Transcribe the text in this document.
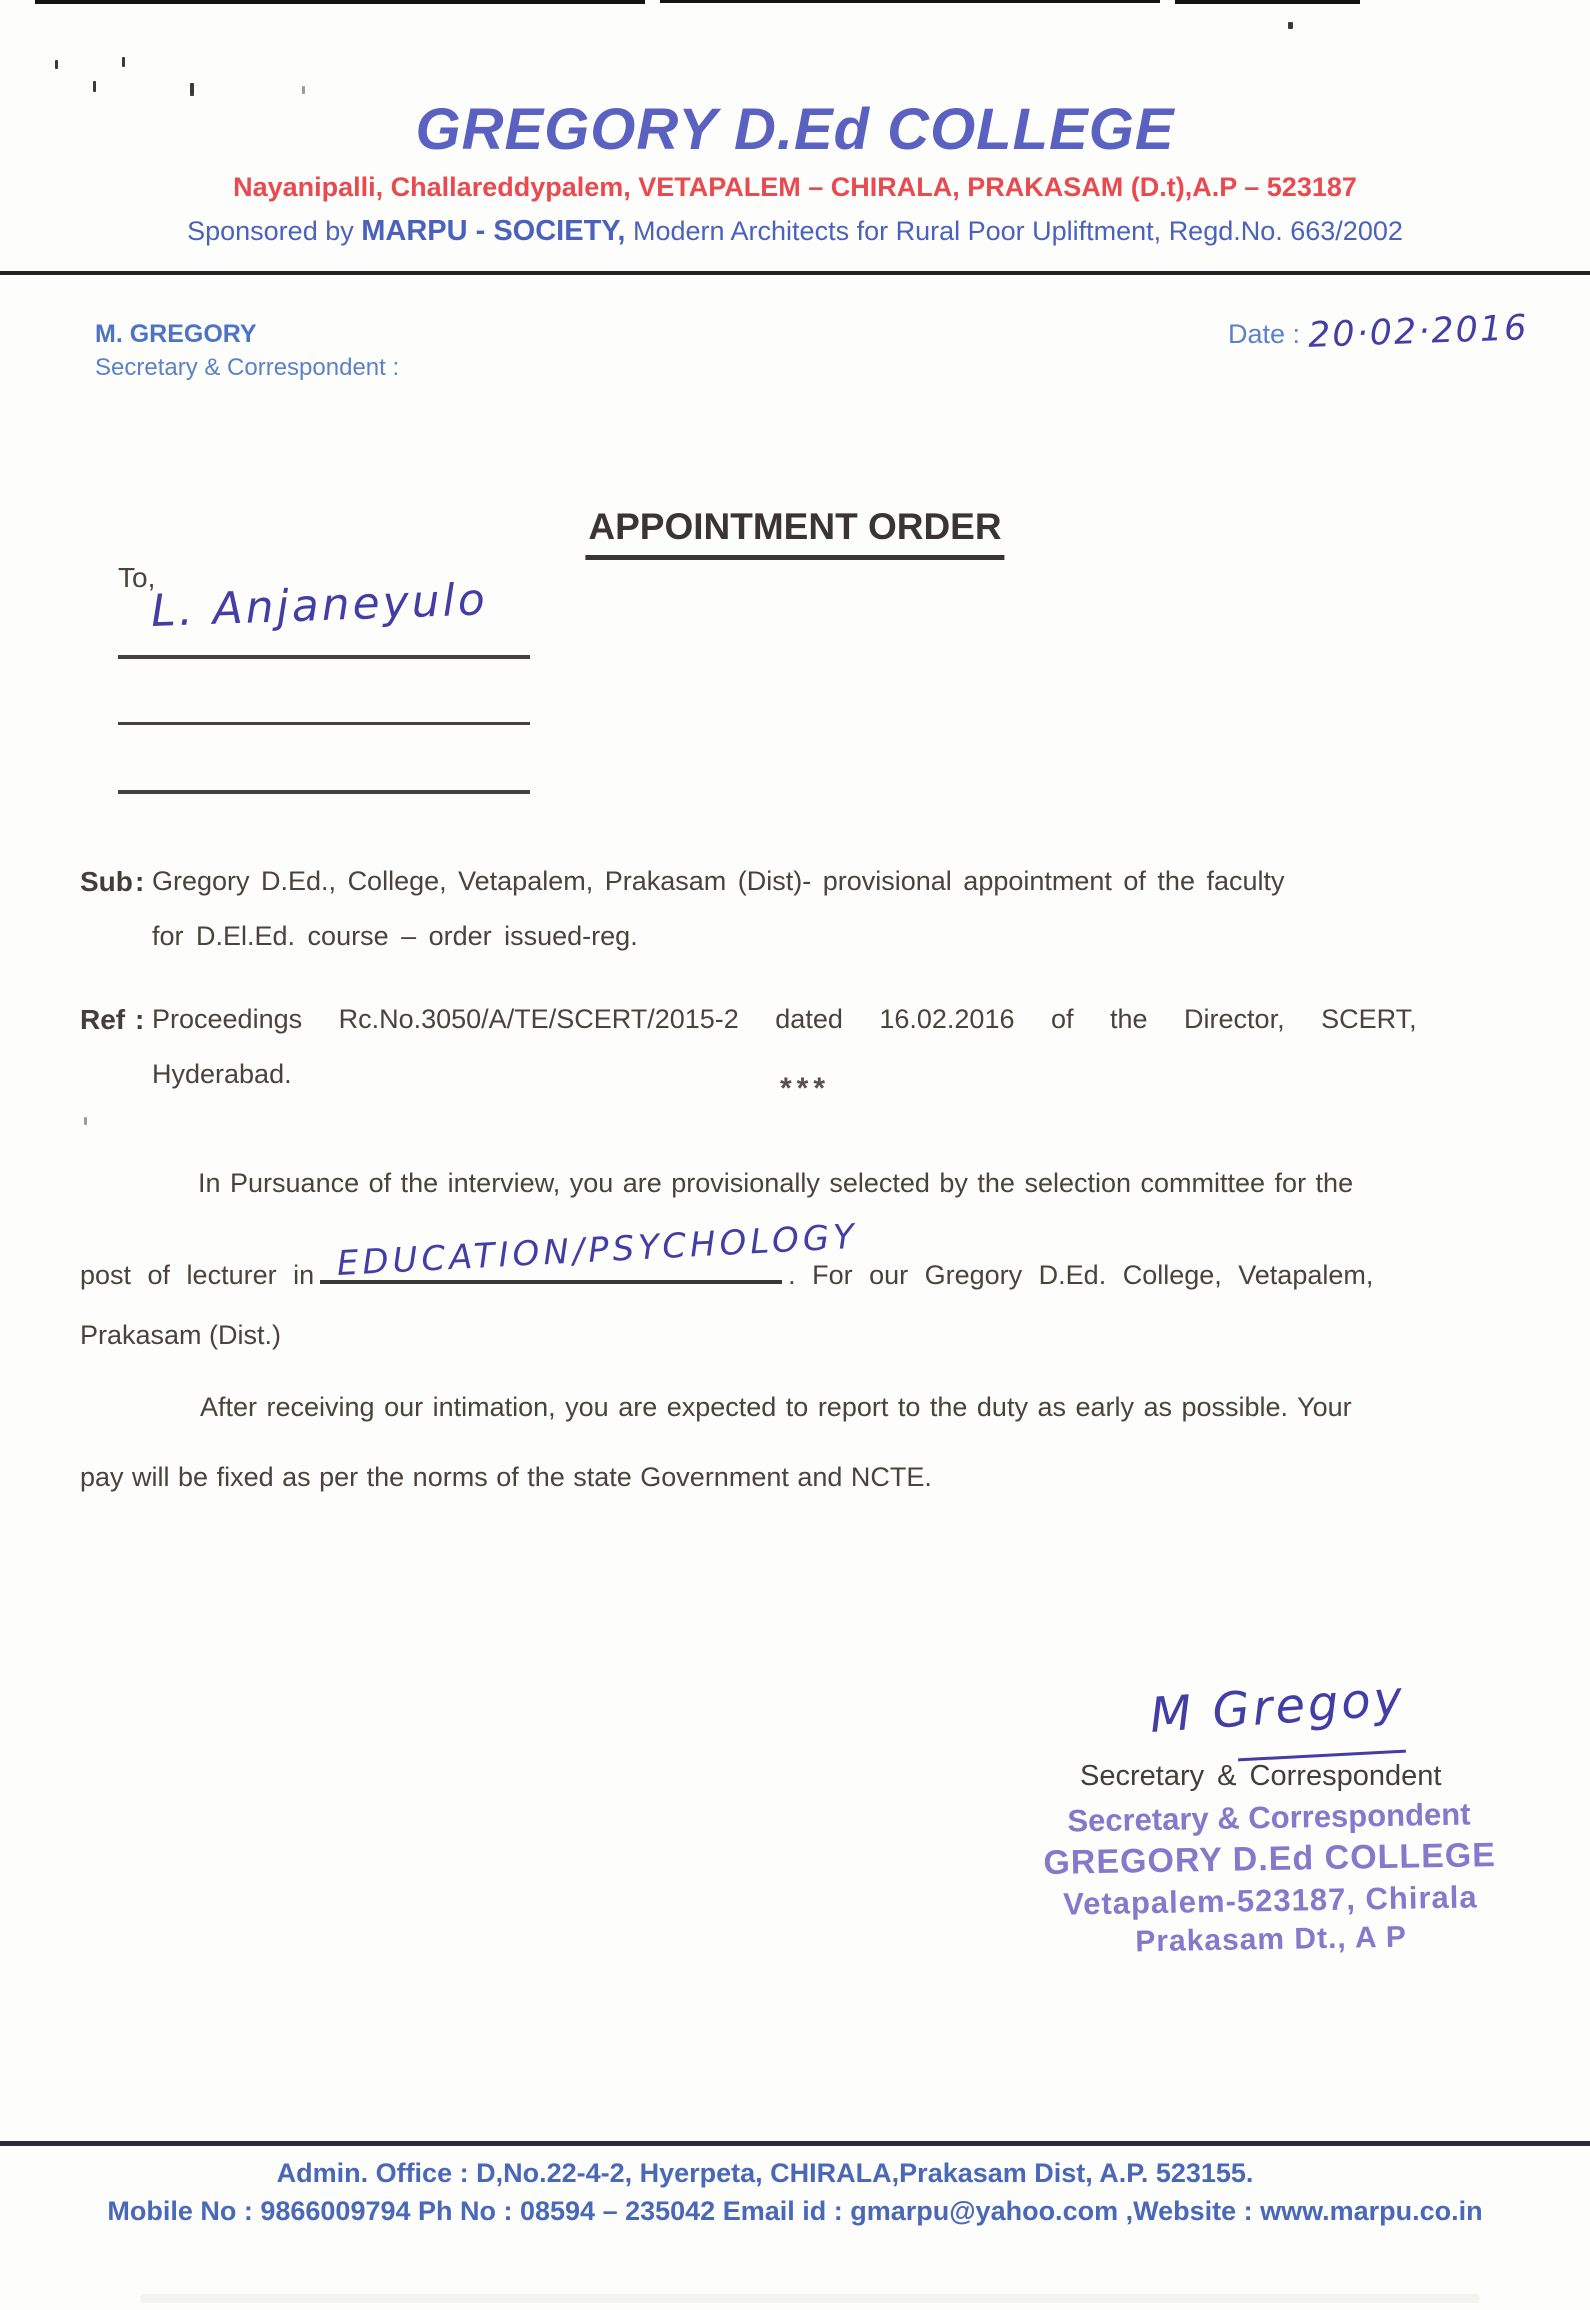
GREGORY D.Ed COLLEGE
Nayanipalli, Challareddypalem, VETAPALEM – CHIRALA, PRAKASAM (D.t),A.P – 523187
Sponsored by MARPU - SOCIETY, Modern Architects for Rural Poor Upliftment, Regd.No. 663/2002
M. GREGORY
Secretary & Correspondent :
Date : 20·02·2016
APPOINTMENT ORDER
To,
L. Anjaneyulo
Sub : Gregory D.Ed., College, Vetapalem, Prakasam (Dist)- provisional appointment of the faculty
for D.El.Ed. course – order issued-reg.
Ref : Proceedings Rc.No.3050/A/TE/SCERT/2015-2 dated 16.02.2016 of the Director, SCERT,
Hyderabad.	***
In Pursuance of the interview, you are provisionally selected by the selection committee for the
post of lecturer in EDUCATION/PSYCHOLOGY
. For our Gregory D.Ed. College, Vetapalem,
Prakasam (Dist.)
After receiving our intimation, you are expected to report to the duty as early as possible. Your
pay will be fixed as per the norms of the state Government and NCTE.
M Gregoy
Secretary & Correspondent
Secretary & Correspondent
GREGORY D.Ed COLLEGE
Vetapalem-523187, Chirala
Prakasam Dt., A P
Admin. Office : D,No.22-4-2, Hyerpeta, CHIRALA,Prakasam Dist, A.P. 523155.
Mobile No : 9866009794 Ph No : 08594 – 235042 Email id : gmarpu@yahoo.com ,Website : www.marpu.co.in
